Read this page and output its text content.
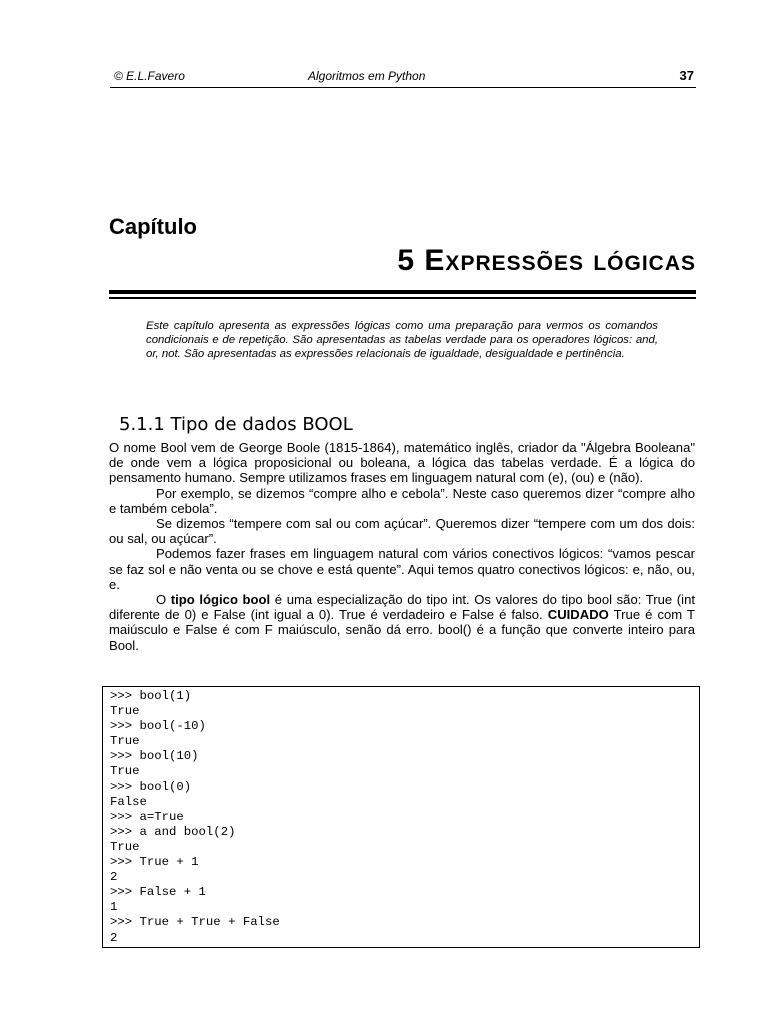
© E.L.Favero	Algoritmos em Python	37
Capítulo
5 Expressões lógicas
Este capítulo apresenta as expressões lógicas como uma preparação para vermos os comandos condicionais e de repetição. São apresentadas as tabelas verdade para os operadores lógicos: and, or, not. São apresentadas as expressões relacionais de igualdade, desigualdade e pertinência.
5.1.1 Tipo de dados BOOL

O nome Bool vem de George Boole (1815-1864), matemático inglês, criador da "Álgebra Booleana" de onde vem a lógica proposicional ou boleana, a lógica das tabelas verdade. É a lógica do pensamento humano. Sempre utilizamos frases em linguagem natural com (e), (ou) e (não).

Por exemplo, se dizemos “compre alho e cebola”. Neste caso queremos dizer “compre alho e também cebola”.

Se dizemos “tempere com sal ou com açúcar”. Queremos dizer “tempere com um dos dois: ou sal, ou açúcar”.

Podemos fazer frases em linguagem natural com vários conectivos lógicos: “vamos pescar se faz sol e não venta ou se chove e está quente”. Aqui temos quatro conectivos lógicos: e, não, ou, e.

O tipo lógico bool é uma especialização do tipo int. Os valores do tipo bool são: True (int diferente de 0) e False (int igual a 0). True é verdadeiro e False é falso. CUIDADO True é com T maiúsculo e False é com F maiúsculo, senão dá erro. bool() é a função que converte inteiro para Bool.

>>> bool(1)
True
>>> bool(-10)
True
>>> bool(10)
True
>>> bool(0)
False
>>> a=True
>>> a and bool(2)
True
>>> True + 1
2
>>> False + 1
1
>>> True + True + False
2
